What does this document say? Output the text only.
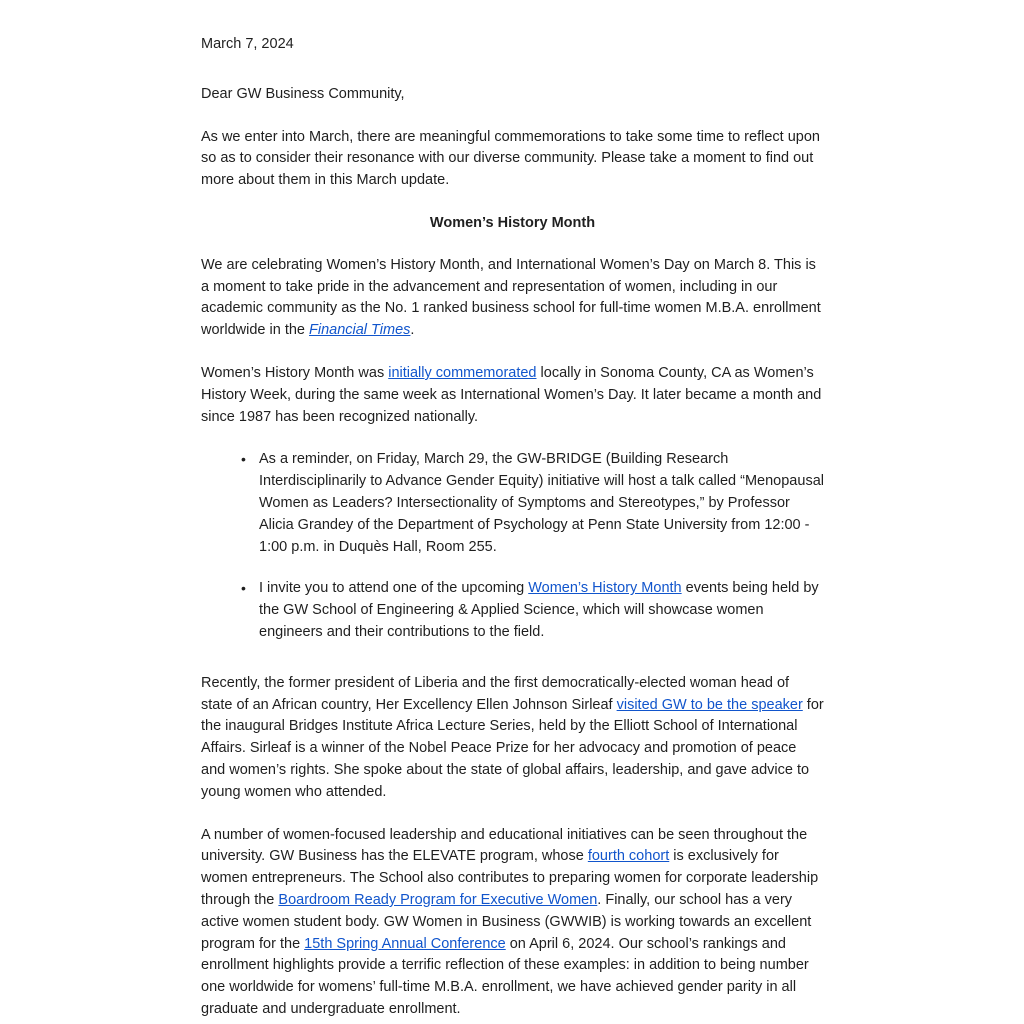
March 7, 2024

Dear GW Business Community,

As we enter into March, there are meaningful commemorations to take some time to reflect upon so as to consider their resonance with our diverse community. Please take a moment to find out more about them in this March update.

Women’s History Month

We are celebrating Women’s History Month, and International Women’s Day on March 8. This is a moment to take pride in the advancement and representation of women, including in our academic community as the No. 1 ranked business school for full-time women M.B.A. enrollment worldwide in the Financial Times.

Women’s History Month was initially commemorated locally in Sonoma County, CA as Women’s History Week, during the same week as International Women’s Day. It later became a month and since 1987 has been recognized nationally.

• As a reminder, on Friday, March 29, the GW-BRIDGE (Building Research Interdisciplinarily to Advance Gender Equity) initiative will host a talk called “Menopausal Women as Leaders? Intersectionality of Symptoms and Stereotypes,” by Professor Alicia Grandey of the Department of Psychology at Penn State University from 12:00 - 1:00 p.m. in Duquès Hall, Room 255.
• I invite you to attend one of the upcoming Women’s History Month events being held by the GW School of Engineering & Applied Science, which will showcase women engineers and their contributions to the field.

Recently, the former president of Liberia and the first democratically-elected woman head of state of an African country, Her Excellency Ellen Johnson Sirleaf visited GW to be the speaker for the inaugural Bridges Institute Africa Lecture Series, held by the Elliott School of International Affairs. Sirleaf is a winner of the Nobel Peace Prize for her advocacy and promotion of peace and women’s rights. She spoke about the state of global affairs, leadership, and gave advice to young women who attended.

A number of women-focused leadership and educational initiatives can be seen throughout the university. GW Business has the ELEVATE program, whose fourth cohort is exclusively for women entrepreneurs. The School also contributes to preparing women for corporate leadership through the Boardroom Ready Program for Executive Women. Finally, our school has a very active women student body. GW Women in Business (GWWIB) is working towards an excellent program for the 15th Spring Annual Conference on April 6, 2024. Our school’s rankings and enrollment highlights provide a terrific reflection of these examples: in addition to being number one worldwide for womens’ full-time M.B.A. enrollment, we have achieved gender parity in all graduate and undergraduate enrollment.
